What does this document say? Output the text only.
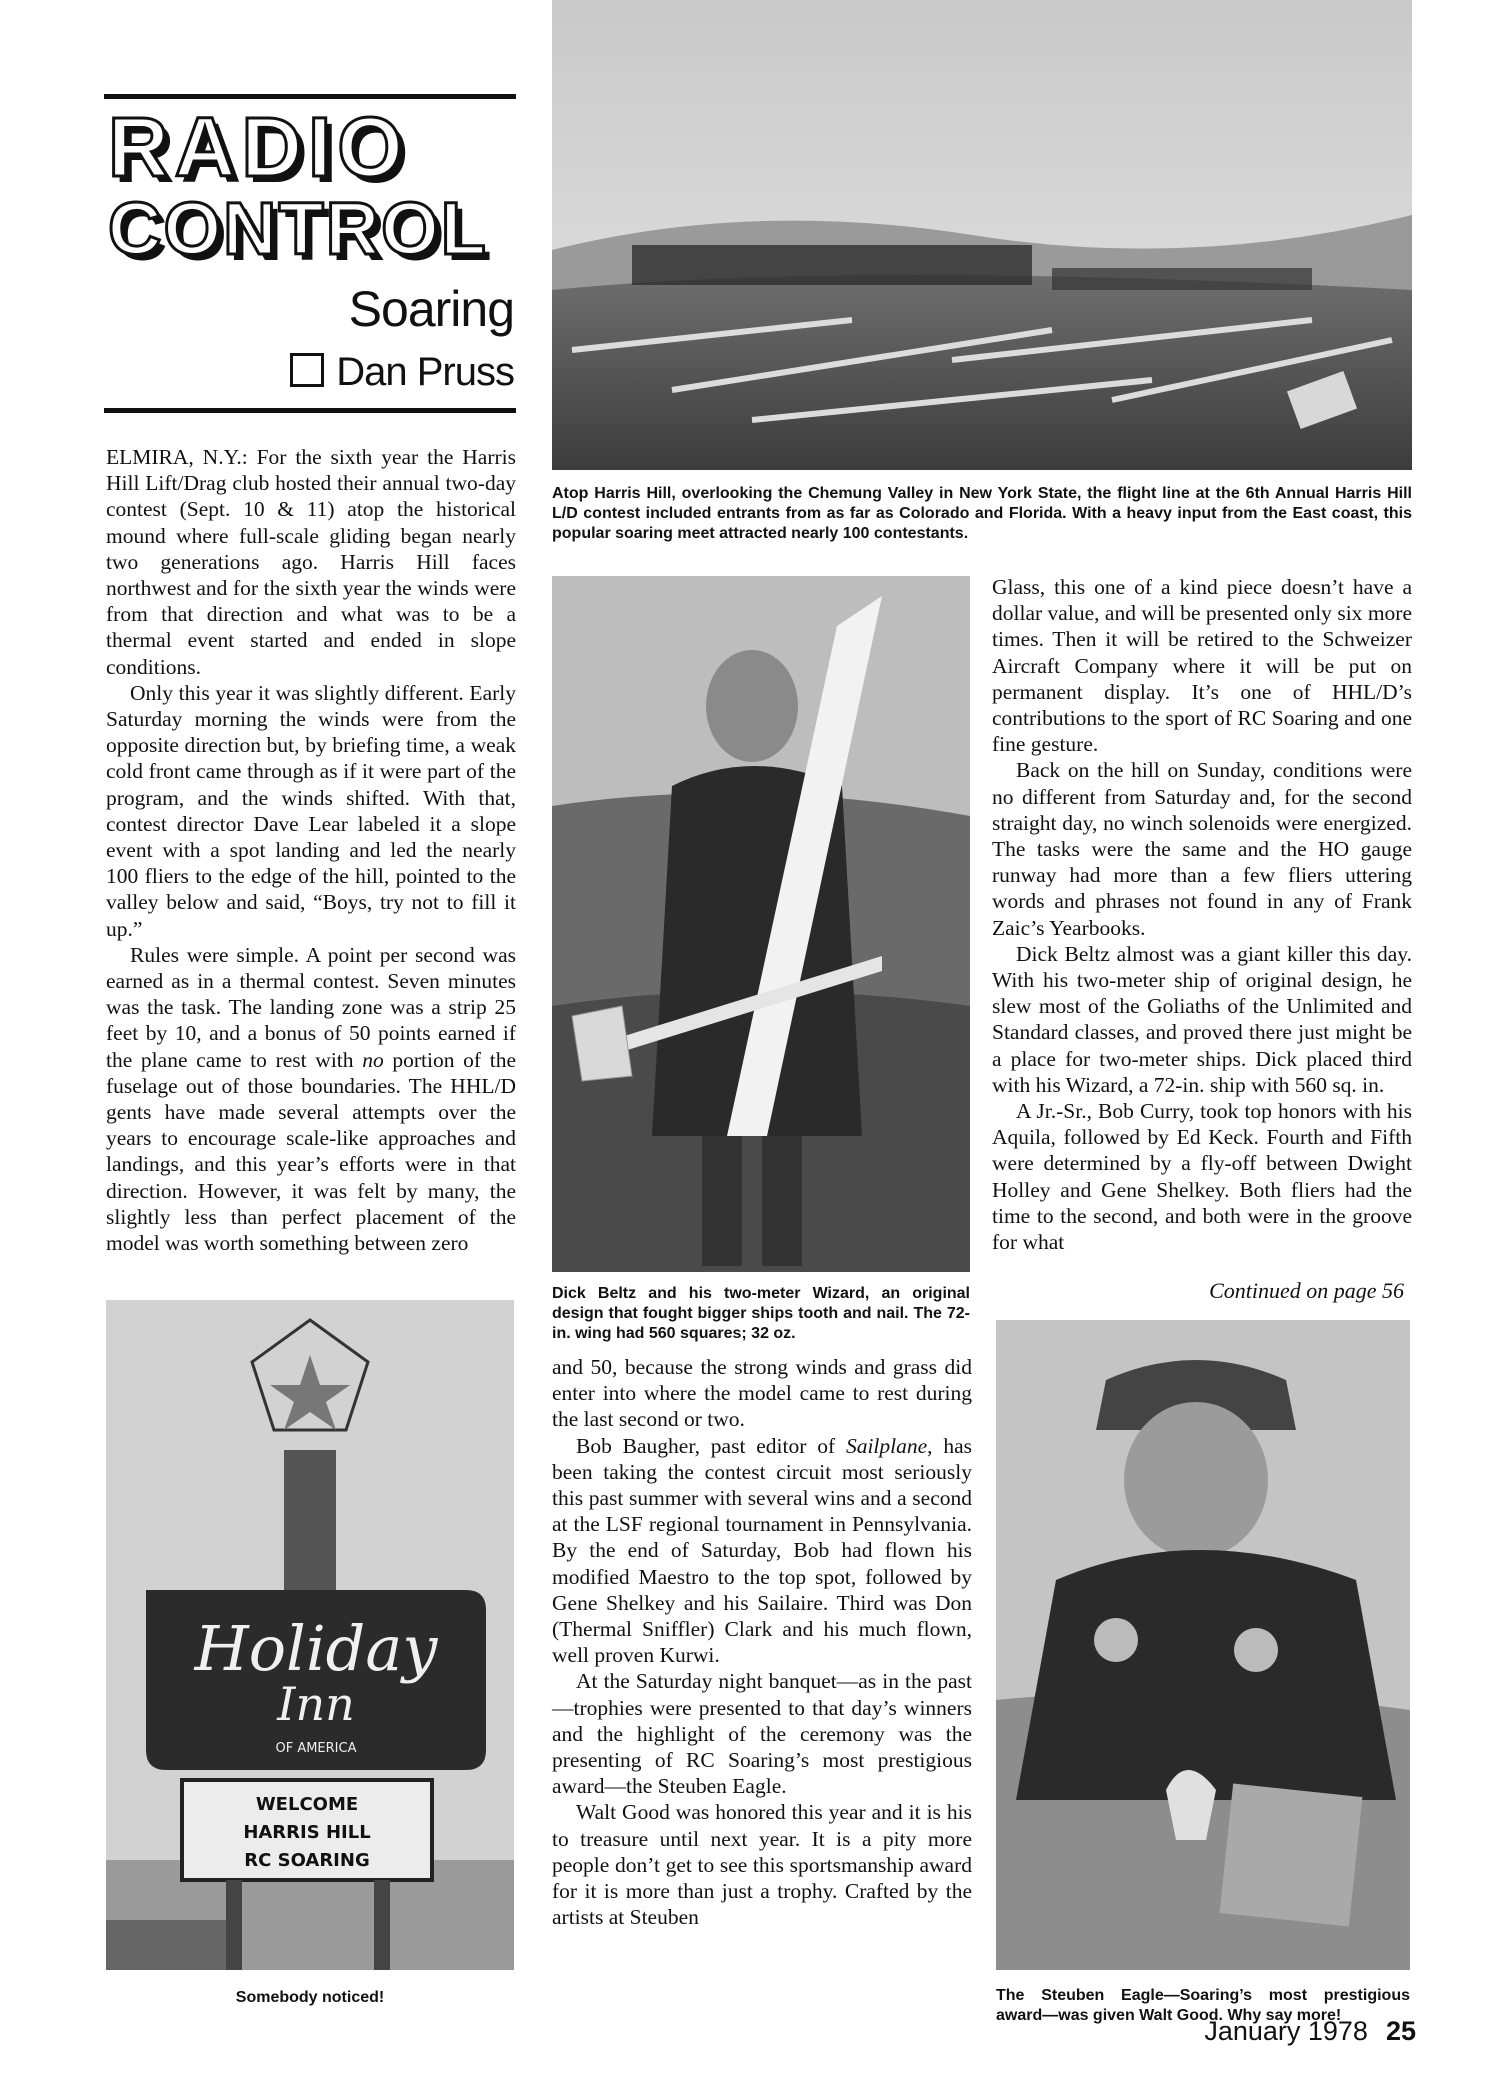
RADIO
CONTROL
Soaring
Dan Pruss
Atop Harris Hill, overlooking the Chemung Valley in New York State, the flight line at the 6th Annual Harris Hill L/D contest included entrants from as far as Colorado and Florida. With a heavy input from the East coast, this popular soaring meet attracted nearly 100 contestants.

ELMIRA, N.Y.: For the sixth year the Harris Hill Lift/Drag club hosted their annual two-day contest (Sept. 10 & 11) atop the historical mound where full-scale gliding began nearly two generations ago. Harris Hill faces northwest and for the sixth year the winds were from that direction and what was to be a thermal event started and ended in slope conditions.

Only this year it was slightly different. Early Saturday morning the winds were from the opposite direction but, by briefing time, a weak cold front came through as if it were part of the program, and the winds shifted. With that, contest director Dave Lear labeled it a slope event with a spot landing and led the nearly 100 fliers to the edge of the hill, pointed to the valley below and said, “Boys, try not to fill it up.”

Rules were simple. A point per second was earned as in a thermal contest. Seven minutes was the task. The landing zone was a strip 25 feet by 10, and a bonus of 50 points earned if the plane came to rest with no portion of the fuselage out of those boundaries. The HHL/D gents have made several attempts over the years to encourage scale-like approaches and landings, and this year’s efforts were in that direction. However, it was felt by many, the slightly less than perfect placement of the model was worth something between zero

Dick Beltz and his two-meter Wizard, an original design that fought bigger ships tooth and nail. The 72-in. wing had 560 squares; 32 oz.

and 50, because the strong winds and grass did enter into where the model came to rest during the last second or two.

Bob Baugher, past editor of Sailplane, has been taking the contest circuit most seriously this past summer with several wins and a second at the LSF regional tournament in Pennsylvania. By the end of Saturday, Bob had flown his modified Maestro to the top spot, followed by Gene Shelkey and his Sailaire. Third was Don (Thermal Sniffler) Clark and his much flown, well proven Kurwi.

At the Saturday night banquet—as in the past—trophies were presented to that day’s winners and the highlight of the ceremony was the presenting of RC Soaring’s most prestigious award—the Steuben Eagle.

Walt Good was honored this year and it is his to treasure until next year. It is a pity more people don’t get to see this sportsmanship award for it is more than just a trophy. Crafted by the artists at Steuben

Holiday
Inn
OF AMERICA
WELCOME
HARRIS HILL
RC SOARING
Somebody noticed!

Glass, this one of a kind piece doesn’t have a dollar value, and will be presented only six more times. Then it will be retired to the Schweizer Aircraft Company where it will be put on permanent display. It’s one of HHL/D’s contributions to the sport of RC Soaring and one fine gesture.

Back on the hill on Sunday, conditions were no different from Saturday and, for the second straight day, no winch solenoids were energized. The tasks were the same and the HO gauge runway had more than a few fliers uttering words and phrases not found in any of Frank Zaic’s Yearbooks.

Dick Beltz almost was a giant killer this day. With his two-meter ship of original design, he slew most of the Goliaths of the Unlimited and Standard classes, and proved there just might be a place for two-meter ships. Dick placed third with his Wizard, a 72-in. ship with 560 sq. in.

A Jr.-Sr., Bob Curry, took top honors with his Aquila, followed by Ed Keck. Fourth and Fifth were determined by a fly-off between Dwight Holley and Gene Shelkey. Both fliers had the time to the second, and both were in the groove for what

Continued on page 56
The Steuben Eagle—Soaring’s most prestigious award—was given Walt Good. Why say more!
January 1978 25
